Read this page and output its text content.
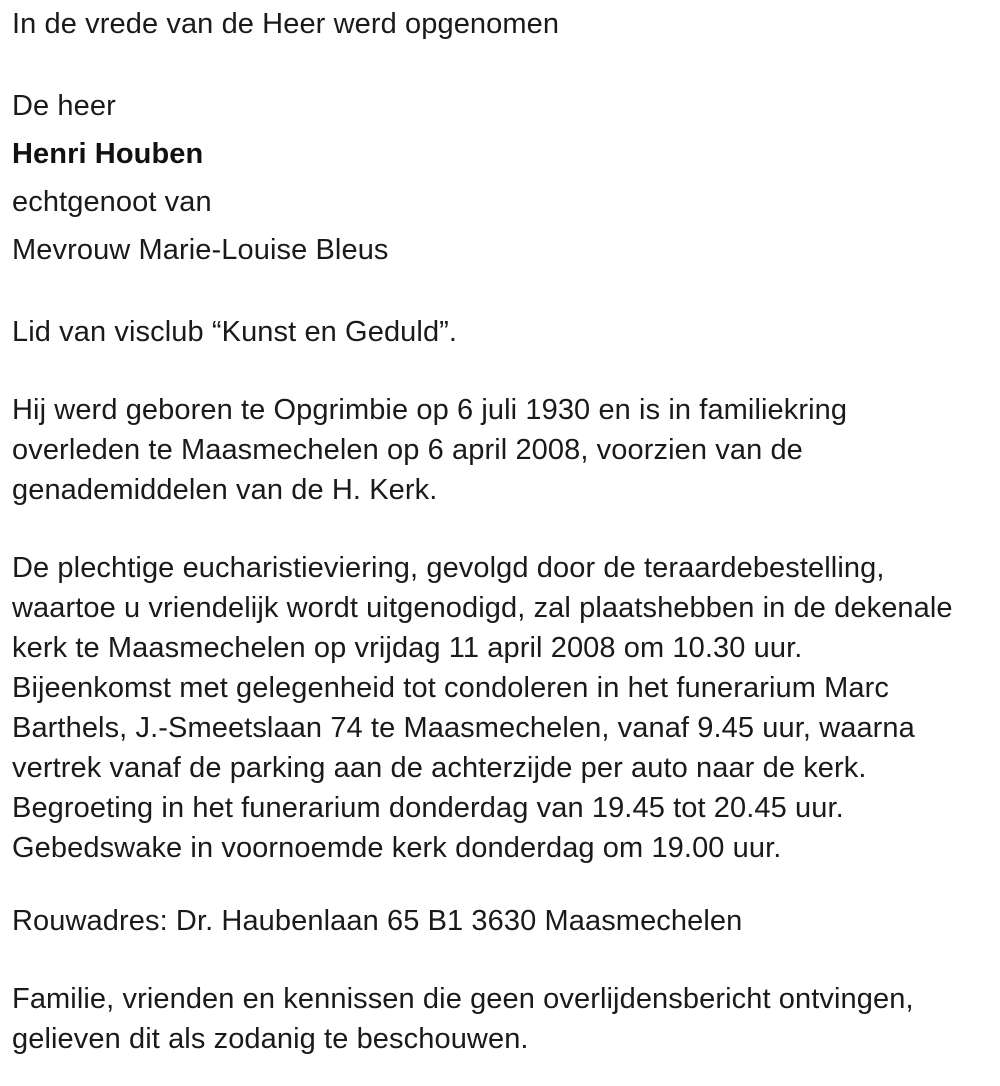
In de vrede van de Heer werd opgenomen
De heer
Henri Houben
echtgenoot van
Mevrouw Marie-Louise Bleus
Lid van visclub “Kunst en Geduld”.
Hij werd geboren te Opgrimbie op 6 juli 1930 en is in familiekring
overleden te Maasmechelen op 6 april 2008, voorzien van de
genademiddelen van de H. Kerk.
De plechtige eucharistieviering, gevolgd door de teraardebestelling,
waartoe u vriendelijk wordt uitgenodigd, zal plaatshebben in de dekenale
kerk te Maasmechelen op vrijdag 11 april 2008 om 10.30 uur.
Bijeenkomst met gelegenheid tot condoleren in het funerarium Marc
Barthels, J.-Smeetslaan 74 te Maasmechelen, vanaf 9.45 uur, waarna
vertrek vanaf de parking aan de achterzijde per auto naar de kerk.
Begroeting in het funerarium donderdag van 19.45 tot 20.45 uur.
Gebedswake in voornoemde kerk donderdag om 19.00 uur.
Rouwadres: Dr. Haubenlaan 65 B1 3630 Maasmechelen
Familie, vrienden en kennissen die geen overlijdensbericht ontvingen,
gelieven dit als zodanig te beschouwen.
